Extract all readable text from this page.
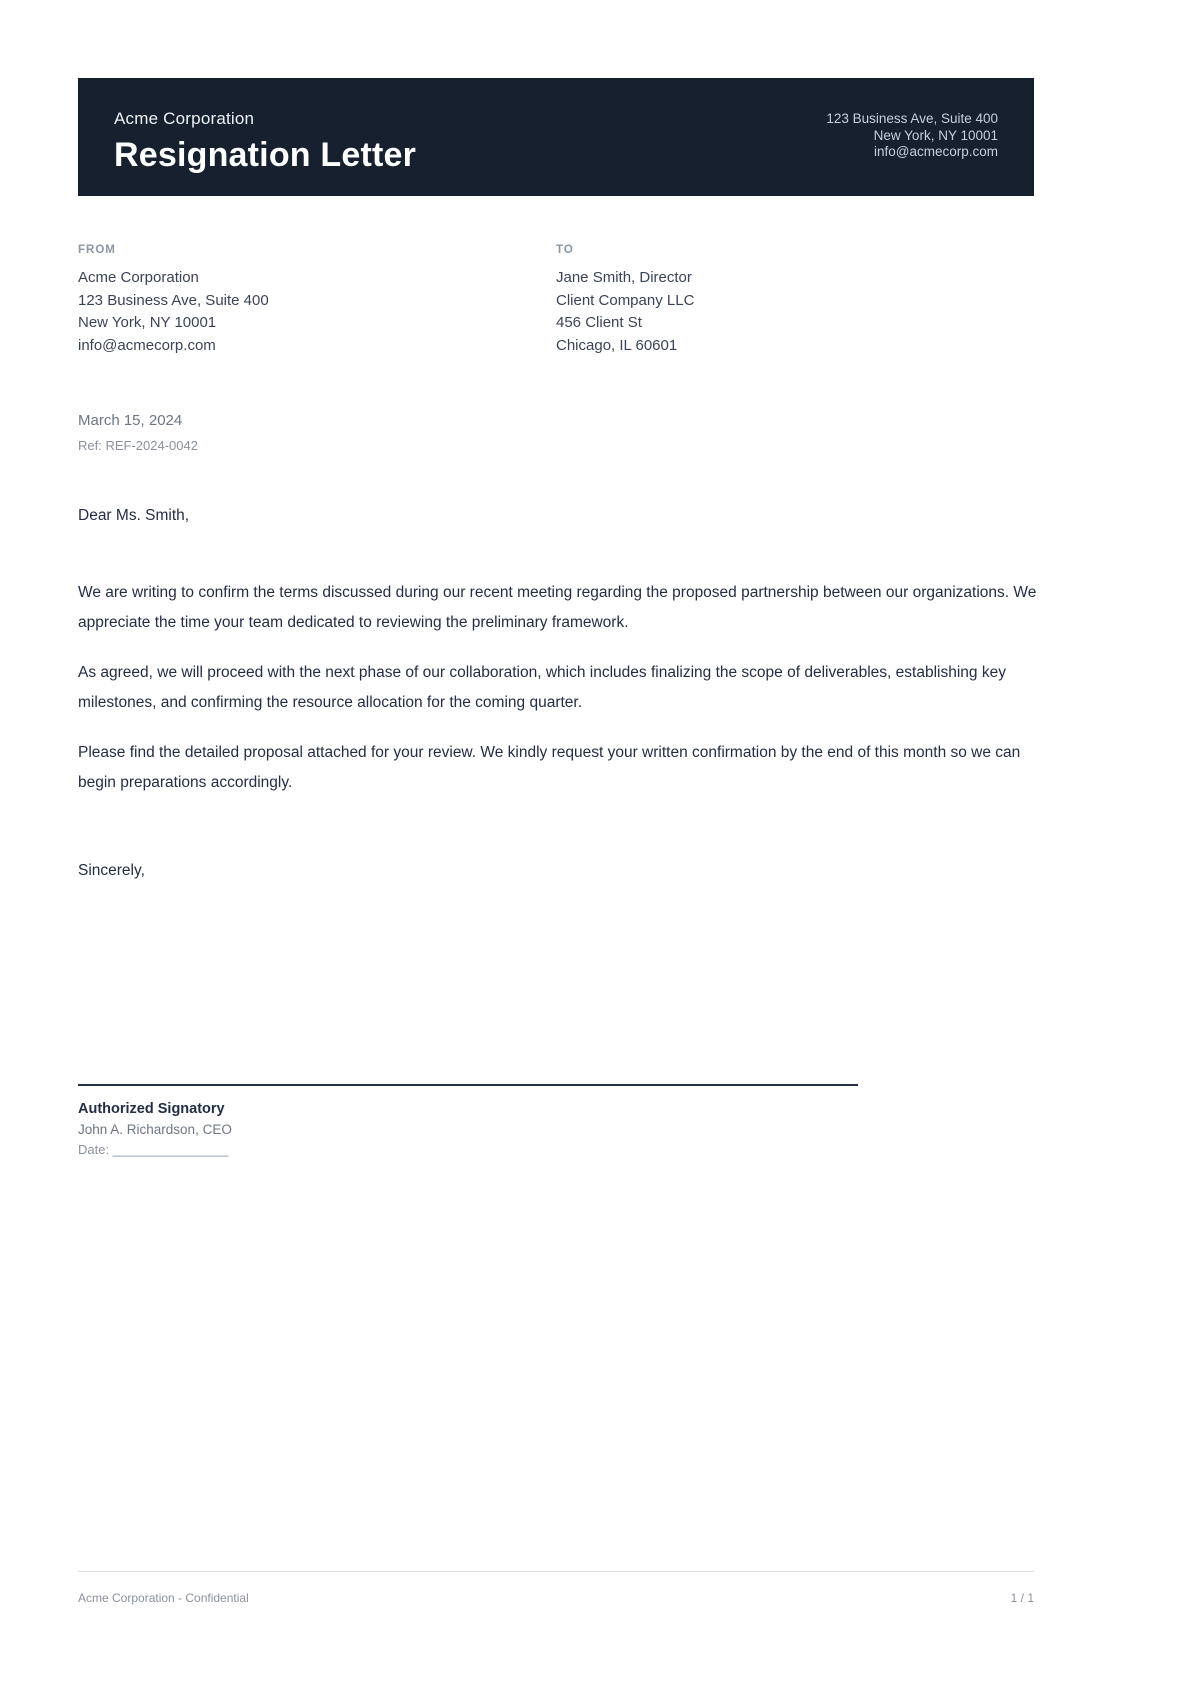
Acme Corporation
Resignation Letter
123 Business Ave, Suite 400
New York, NY 10001
info@acmecorp.com
FROM
Acme Corporation
123 Business Ave, Suite 400
New York, NY 10001
info@acmecorp.com
TO
Jane Smith, Director
Client Company LLC
456 Client St
Chicago, IL 60601
March 15, 2024
Ref: REF-2024-0042

Dear Ms. Smith,

We are writing to confirm the terms discussed during our recent meeting regarding the proposed partnership between our organizations. We appreciate the time your team dedicated to reviewing the preliminary framework.

As agreed, we will proceed with the next phase of our collaboration, which includes finalizing the scope of deliverables, establishing key milestones, and confirming the resource allocation for the coming quarter.

Please find the detailed proposal attached for your review. We kindly request your written confirmation by the end of this month so we can begin preparations accordingly.

Sincerely,

Authorized Signatory
John A. Richardson, CEO
Date: ________________
Acme Corporation - Confidential	1 / 1
